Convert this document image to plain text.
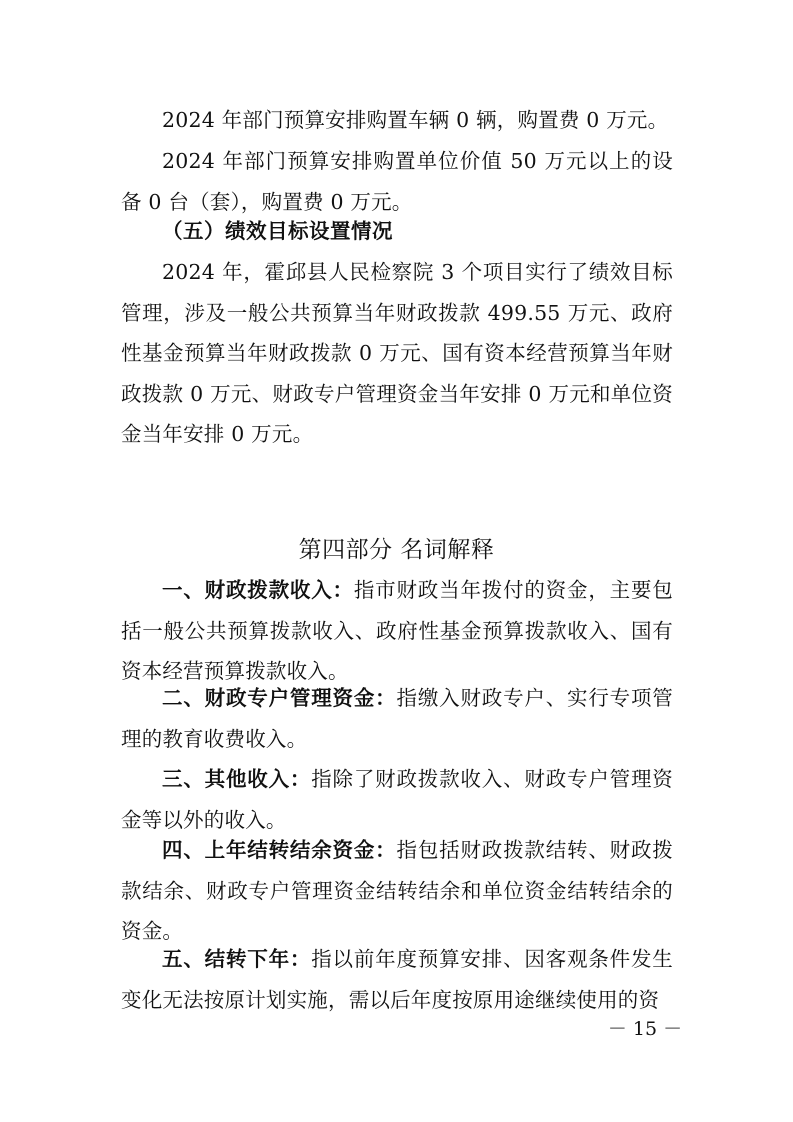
2024 年部门预算安排购置车辆 0 辆，购置费 0 万元。

2024 年部门预算安排购置单位价值 50 万元以上的设备 0 台（套），购置费 0 万元。

（五）绩效目标设置情况

2024 年，霍邱县人民检察院 3 个项目实行了绩效目标管理，涉及一般公共预算当年财政拨款 499.55 万元、政府性基金预算当年财政拨款 0 万元、国有资本经营预算当年财政拨款 0 万元、财政专户管理资金当年安排 0 万元和单位资金当年安排 0 万元。

第四部分 名词解释

一、财政拨款收入：指市财政当年拨付的资金，主要包括一般公共预算拨款收入、政府性基金预算拨款收入、国有资本经营预算拨款收入。

二、财政专户管理资金：指缴入财政专户、实行专项管理的教育收费收入。

三、其他收入：指除了财政拨款收入、财政专户管理资金等以外的收入。

四、上年结转结余资金：指包括财政拨款结转、财政拨款结余、财政专户管理资金结转结余和单位资金结转结余的资金。

五、结转下年：指以前年度预算安排、因客观条件发生变化无法按原计划实施，需以后年度按原用途继续使用的资

－ 15 －
